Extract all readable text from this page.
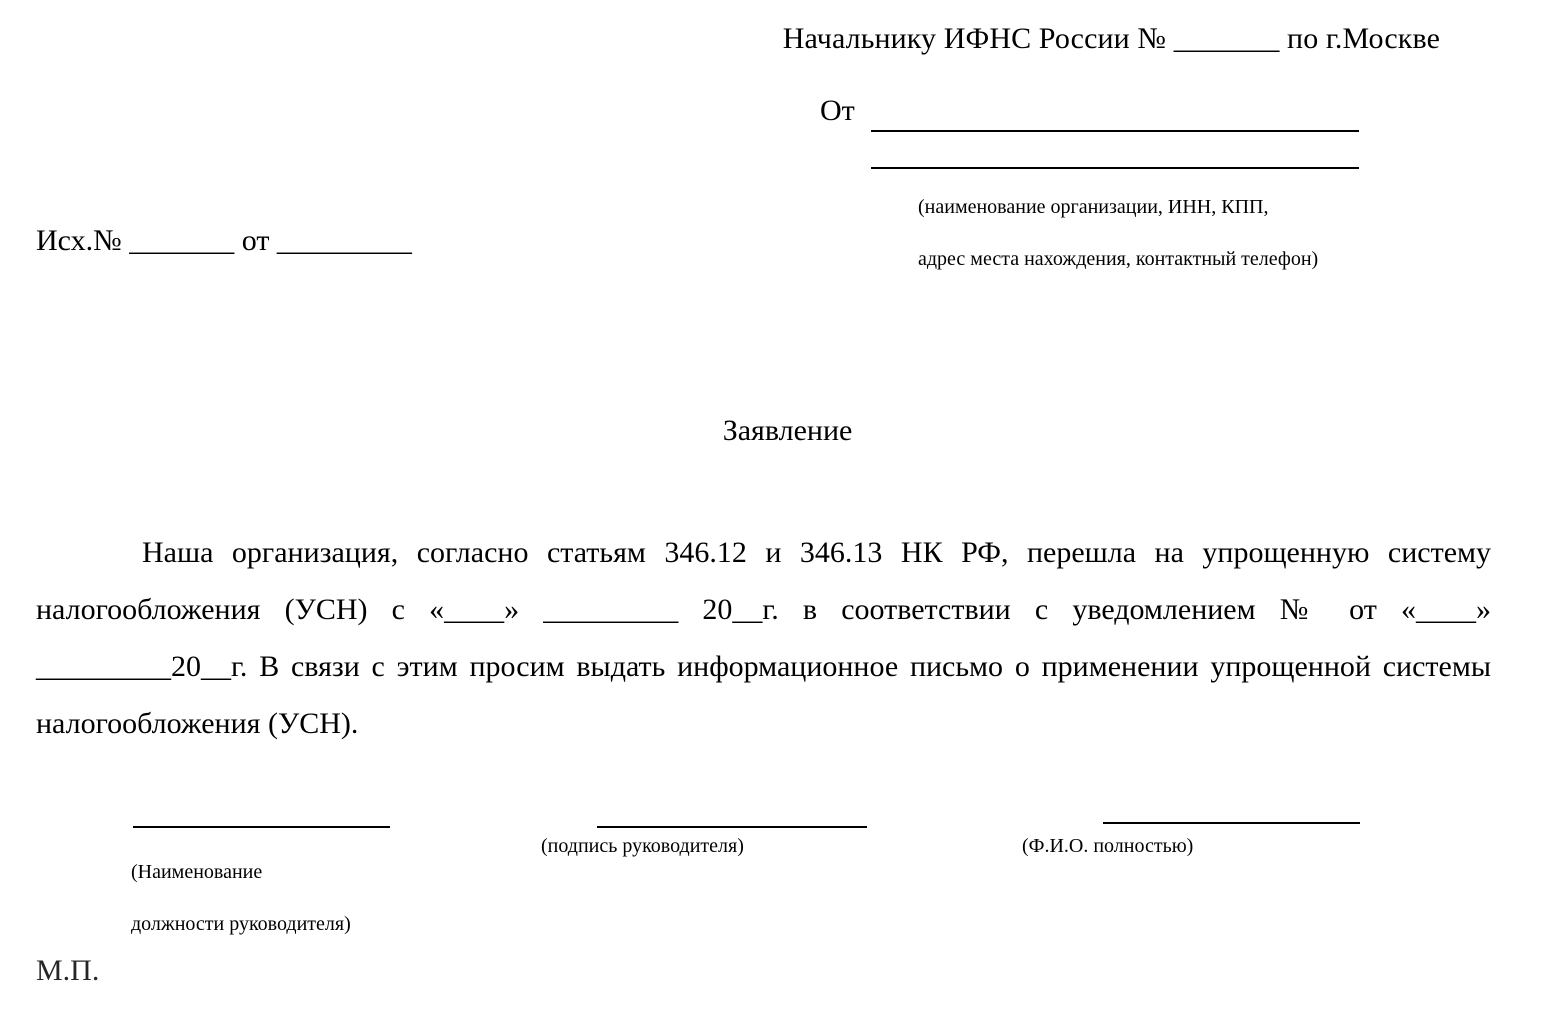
Начальнику ИФНС России № _______ по г.Москве
От

(наименование организации, ИНН, КПП,

адрес места нахождения, контактный телефон)

Исх.№ _______ от _________
Заявление
Наша организация, согласно статьям 346.12 и 346.13 НК РФ, перешла на упрощенную систему налогообложения (УСН) с «____» _________ 20__г. в соответствии с уведомлением № от «____» _________20__г. В связи с этим просим выдать информационное письмо о применении упрощенной системы налогообложения (УСН).

(Наименование

должности руководителя)

(подпись руководителя)	(Ф.И.О. полностью)
М.П.
